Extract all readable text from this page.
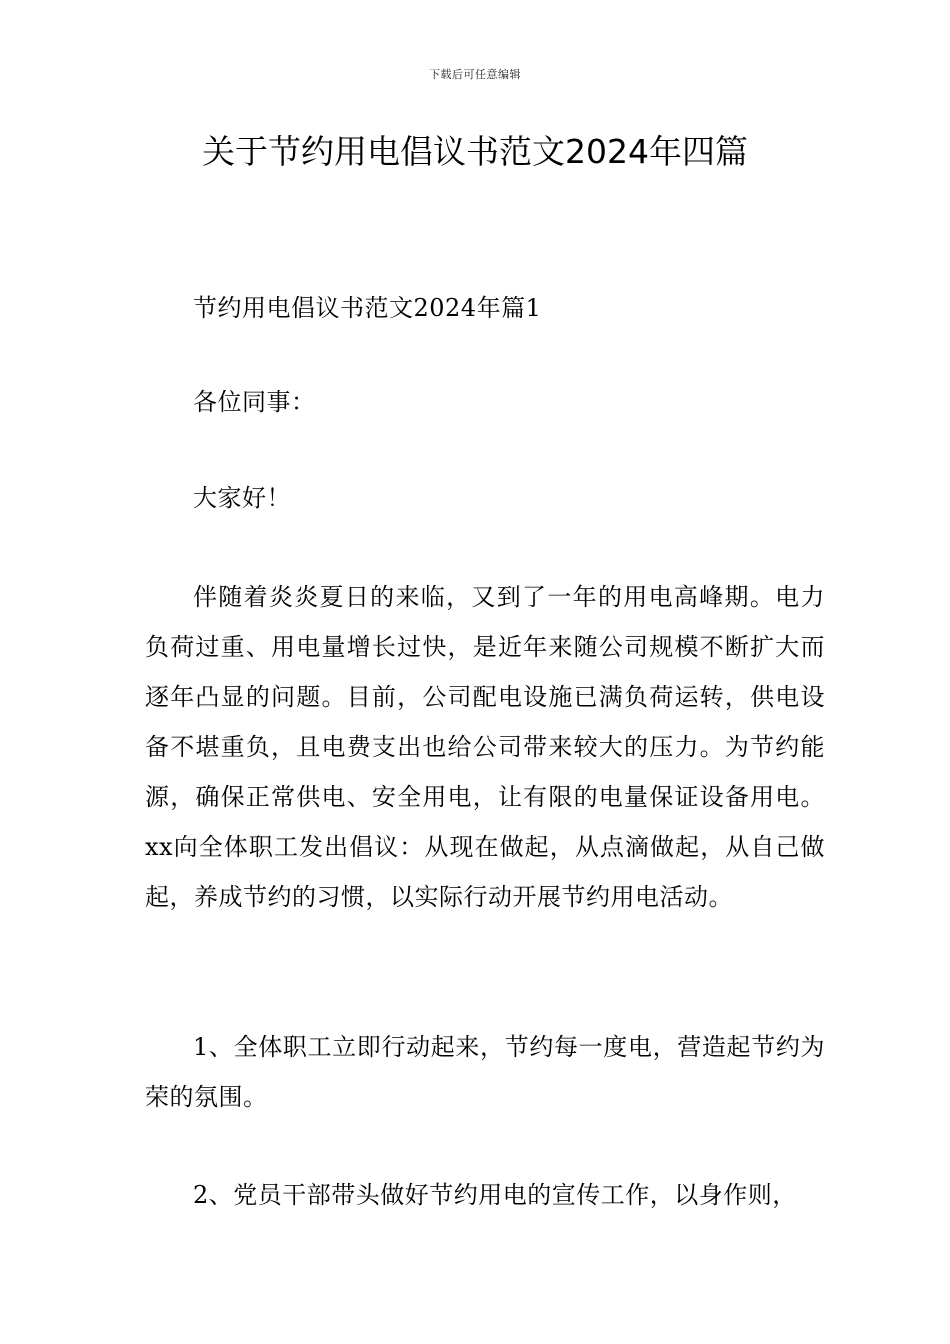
下载后可任意编辑
关于节约用电倡议书范文2024年四篇

节约用电倡议书范文2024年篇1

各位同事：

大家好！

伴随着炎炎夏日的来临，又到了一年的用电高峰期。电力负荷过重、用电量增长过快，是近年来随公司规模不断扩大而逐年凸显的问题。目前，公司配电设施已满负荷运转，供电设备不堪重负，且电费支出也给公司带来较大的压力。为节约能源，确保正常供电、安全用电，让有限的电量保证设备用电。xx向全体职工发出倡议：从现在做起，从点滴做起，从自己做起，养成节约的习惯，以实际行动开展节约用电活动。

1、全体职工立即行动起来，节约每一度电，营造起节约为荣的氛围。

2、党员干部带头做好节约用电的宣传工作，以身作则，
